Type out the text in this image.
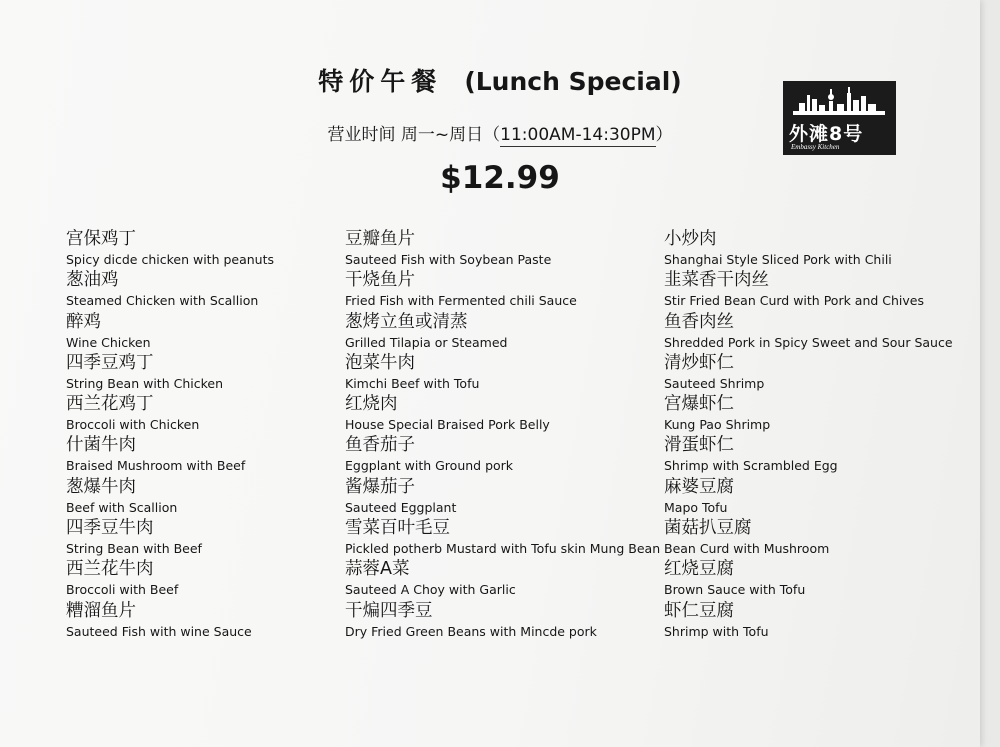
特价午餐 (Lunch Special)
营业时间 周一~周日（11:00AM-14:30PM）
$12.99
外滩8号
Embassy Kitchen
宫保鸡丁
Spicy dicde chicken with peanuts
葱油鸡
Steamed Chicken with Scallion
醉鸡
Wine Chicken
四季豆鸡丁
String Bean with Chicken
西兰花鸡丁
Broccoli with Chicken
什菌牛肉
Braised Mushroom with Beef
葱爆牛肉
Beef with Scallion
四季豆牛肉
String Bean with Beef
西兰花牛肉
Broccoli with Beef
糟溜鱼片
Sauteed Fish with wine Sauce
豆瓣鱼片
Sauteed Fish with Soybean Paste
干烧鱼片
Fried Fish with Fermented chili Sauce
葱烤立鱼或清蒸
Grilled Tilapia or Steamed
泡菜牛肉
Kimchi Beef with Tofu
红烧肉
House Special Braised Pork Belly
鱼香茄子
Eggplant with Ground pork
酱爆茄子
Sauteed Eggplant
雪菜百叶毛豆
Pickled potherb Mustard with Tofu skin Mung Bean
蒜蓉A菜
Sauteed A Choy with Garlic
干煸四季豆
Dry Fried Green Beans with Mincde pork
小炒肉
Shanghai Style Sliced Pork with Chili
韭菜香干肉丝
Stir Fried Bean Curd with Pork and Chives
鱼香肉丝
Shredded Pork in Spicy Sweet and Sour Sauce
清炒虾仁
Sauteed Shrimp
宫爆虾仁
Kung Pao Shrimp
滑蛋虾仁
Shrimp with Scrambled Egg
麻婆豆腐
Mapo Tofu
菌菇扒豆腐
Bean Curd with Mushroom
红烧豆腐
Brown Sauce with Tofu
虾仁豆腐
Shrimp with Tofu
